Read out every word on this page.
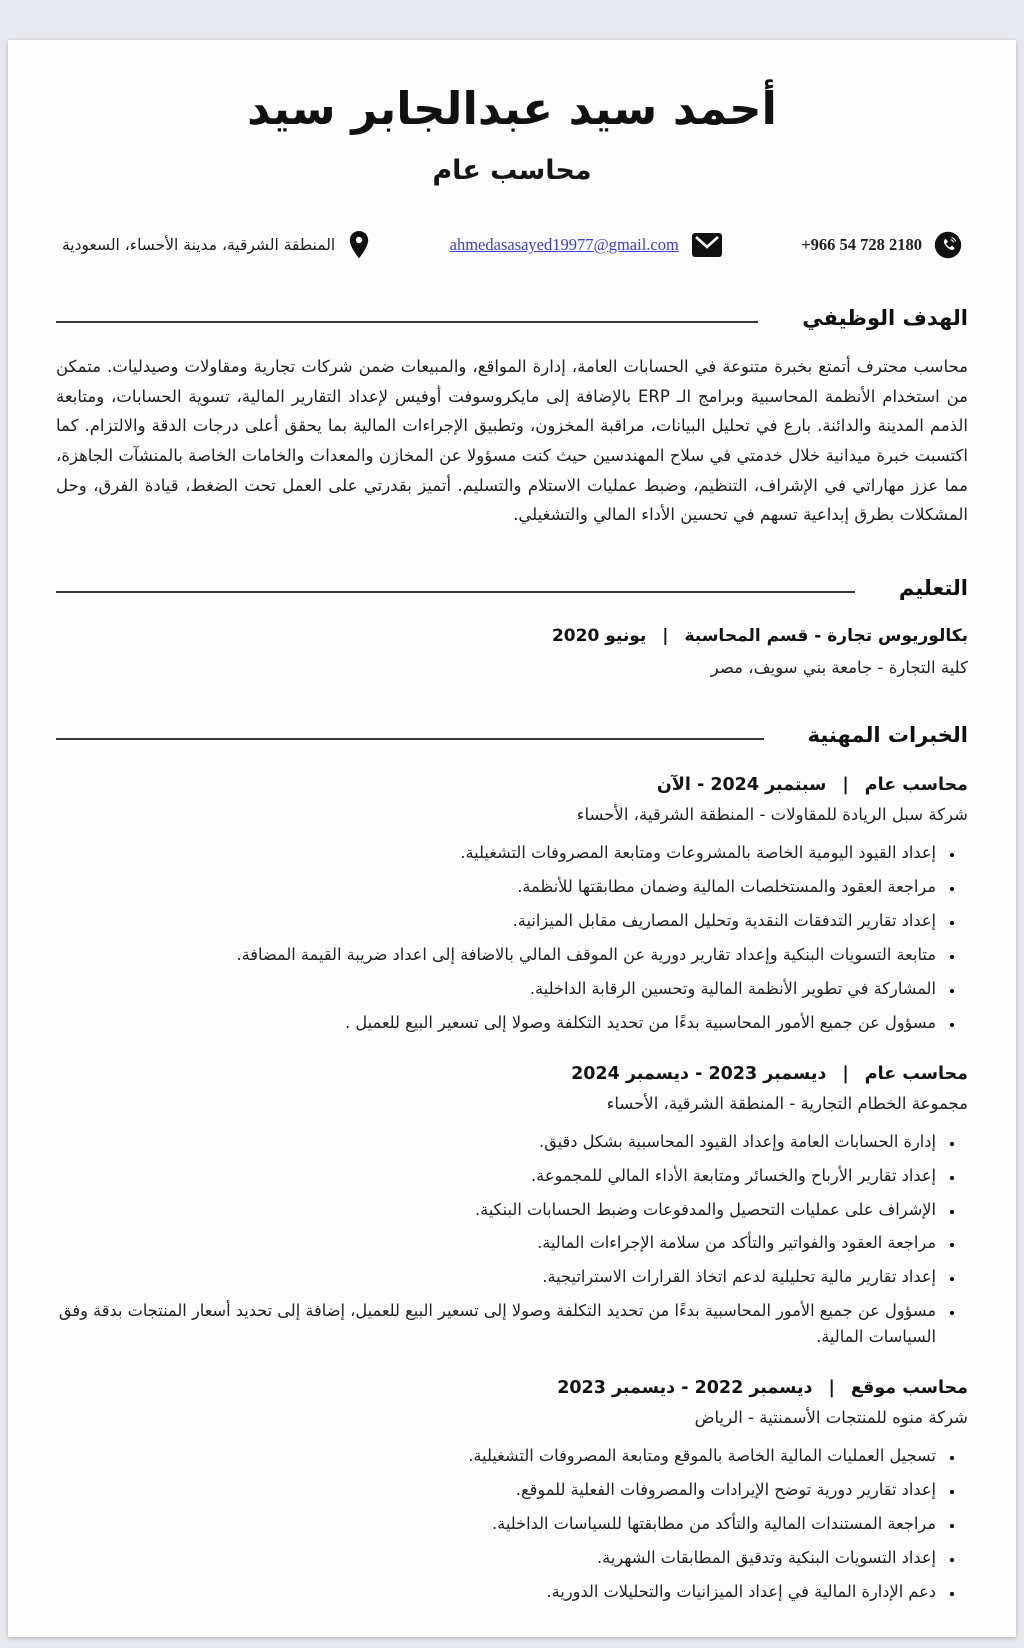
أحمد سيد عبدالجابر سيد
محاسب عام
+966 54 728 2180
ahmedasasayed19977@gmail.com
المنطقة الشرقية، مدينة الأحساء، السعودية
الهدف الوظيفي

محاسب محترف أتمتع بخبرة متنوعة في الحسابات العامة، إدارة المواقع، والمبيعات ضمن شركات تجارية ومقاولات وصيدليات. متمكن من استخدام الأنظمة المحاسبية وبرامج الـ ERP بالإضافة إلى مايكروسوفت أوفيس لإعداد التقارير المالية، تسوية الحسابات، ومتابعة الذمم المدينة والدائنة. بارع في تحليل البيانات، مراقبة المخزون، وتطبيق الإجراءات المالية بما يحقق أعلى درجات الدقة والالتزام. كما اكتسبت خبرة ميدانية خلال خدمتي في سلاح المهندسين حيث كنت مسؤولا عن المخازن والمعدات والخامات الخاصة بالمنشآت الجاهزة، مما عزز مهاراتي في الإشراف، التنظيم، وضبط عمليات الاستلام والتسليم. أتميز بقدرتي على العمل تحت الضغط، قيادة الفرق، وحل المشكلات بطرق إبداعية تسهم في تحسين الأداء المالي والتشغيلي.

التعليم
بكالوريوس تجارة - قسم المحاسبة|يونيو 2020
كلية التجارة - جامعة بني سويف، مصر
الخبرات المهنية
محاسب عام|سبتمبر 2024 - الآن
شركة سبل الريادة للمقاولات - المنطقة الشرقية، الأحساء
• إعداد القيود اليومية الخاصة بالمشروعات ومتابعة المصروفات التشغيلية.
• مراجعة العقود والمستخلصات المالية وضمان مطابقتها للأنظمة.
• إعداد تقارير التدفقات النقدية وتحليل المصاريف مقابل الميزانية.
• متابعة التسويات البنكية وإعداد تقارير دورية عن الموقف المالي بالاضافة إلى اعداد ضريبة القيمة المضافة.
• المشاركة في تطوير الأنظمة المالية وتحسين الرقابة الداخلية.
• مسؤول عن جميع الأمور المحاسبية بدءًا من تحديد التكلفة وصولا إلى تسعير البيع للعميل .
محاسب عام|ديسمبر 2023 - ديسمبر 2024
مجموعة الخطام التجارية - المنطقة الشرقية، الأحساء
• إدارة الحسابات العامة وإعداد القيود المحاسبية بشكل دقيق.
• إعداد تقارير الأرباح والخسائر ومتابعة الأداء المالي للمجموعة.
• الإشراف على عمليات التحصيل والمدفوعات وضبط الحسابات البنكية.
• مراجعة العقود والفواتير والتأكد من سلامة الإجراءات المالية.
• إعداد تقارير مالية تحليلية لدعم اتخاذ القرارات الاستراتيجية.
• مسؤول عن جميع الأمور المحاسبية بدءًا من تحديد التكلفة وصولا إلى تسعير البيع للعميل، إضافة إلى تحديد أسعار المنتجات بدقة وفق السياسات المالية.
محاسب موقع|ديسمبر 2022 - ديسمبر 2023
شركة منوه للمنتجات الأسمنتية - الرياض
• تسجيل العمليات المالية الخاصة بالموقع ومتابعة المصروفات التشغيلية.
• إعداد تقارير دورية توضح الإيرادات والمصروفات الفعلية للموقع.
• مراجعة المستندات المالية والتأكد من مطابقتها للسياسات الداخلية.
• إعداد التسويات البنكية وتدقيق المطابقات الشهرية.
• دعم الإدارة المالية في إعداد الميزانيات والتحليلات الدورية.
